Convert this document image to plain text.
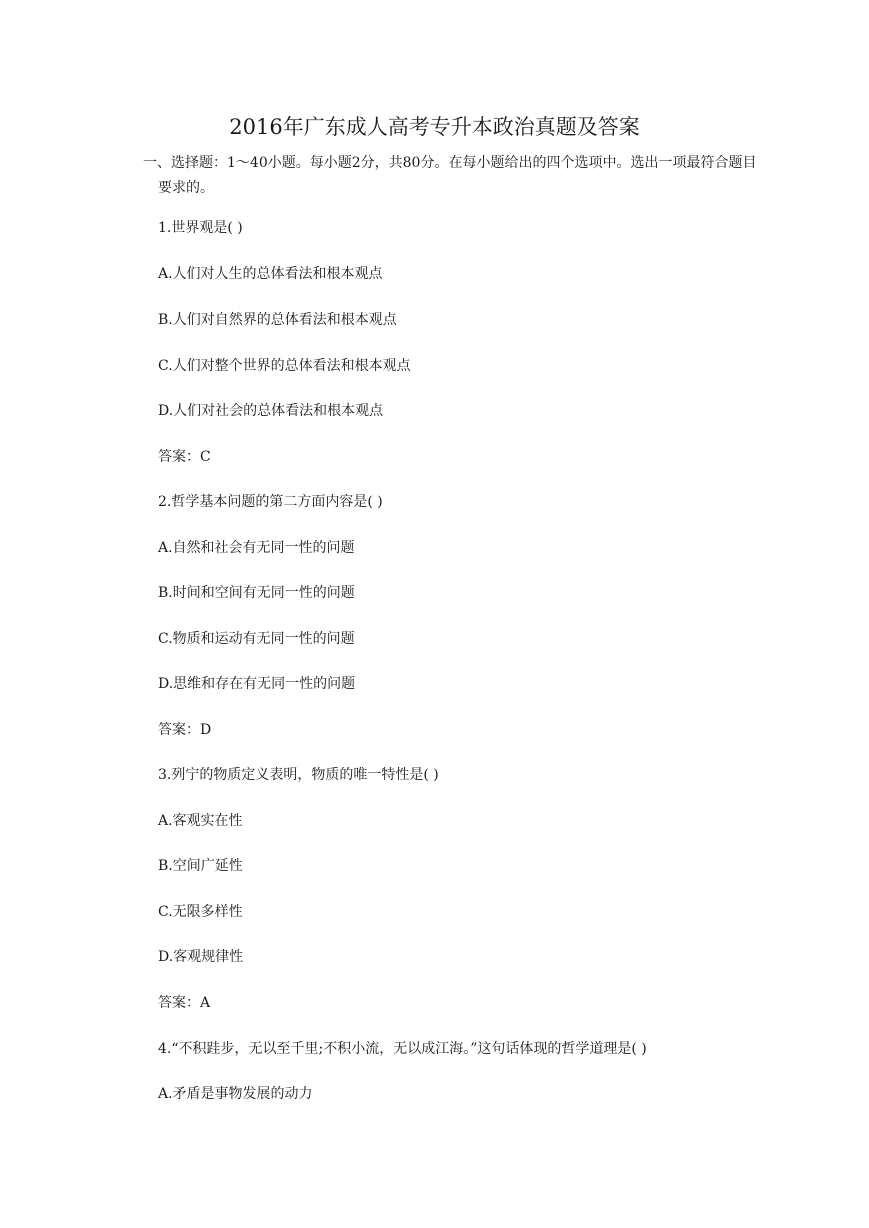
2016年广东成人高考专升本政治真题及答案
一、选择题：1～40小题。每小题2分，共80分。在每小题给出的四个选项中。选出一项最符合题目要求的。
1.世界观是( )
A.人们对人生的总体看法和根本观点
B.人们对自然界的总体看法和根本观点
C.人们对整个世界的总体看法和根本观点
D.人们对社会的总体看法和根本观点
答案：C
2.哲学基本问题的第二方面内容是( )
A.自然和社会有无同一性的问题
B.时间和空间有无同一性的问题
C.物质和运动有无同一性的问题
D.思维和存在有无同一性的问题
答案：D
3.列宁的物质定义表明，物质的唯一特性是( )
A.客观实在性
B.空间广延性
C.无限多样性
D.客观规律性
答案：A
4.“不积跬步，无以至千里;不积小流，无以成江海。”这句话体现的哲学道理是( )
A.矛盾是事物发展的动力
